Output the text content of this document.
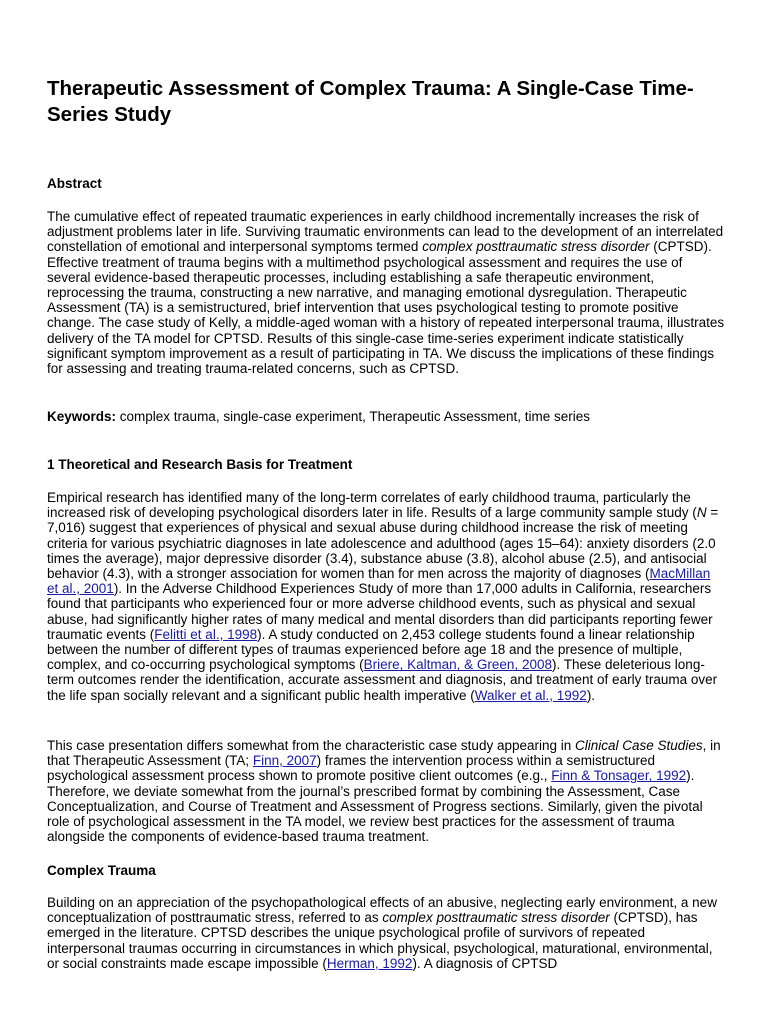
Therapeutic Assessment of Complex Trauma: A Single-Case Time-Series Study
Abstract

The cumulative effect of repeated traumatic experiences in early childhood incrementally increases the risk of adjustment problems later in life. Surviving traumatic environments can lead to the development of an interrelated constellation of emotional and interpersonal symptoms termed complex posttraumatic stress disorder (CPTSD). Effective treatment of trauma begins with a multimethod psychological assessment and requires the use of several evidence-based therapeutic processes, including establishing a safe therapeutic environment, reprocessing the trauma, constructing a new narrative, and managing emotional dysregulation. Therapeutic Assessment (TA) is a semistructured, brief intervention that uses psychological testing to promote positive change. The case study of Kelly, a middle-aged woman with a history of repeated interpersonal trauma, illustrates delivery of the TA model for CPTSD. Results of this single-case time-series experiment indicate statistically significant symptom improvement as a result of participating in TA. We discuss the implications of these findings for assessing and treating trauma-related concerns, such as CPTSD.

Keywords: complex trauma, single-case experiment, Therapeutic Assessment, time series

1 Theoretical and Research Basis for Treatment

Empirical research has identified many of the long-term correlates of early childhood trauma, particularly the increased risk of developing psychological disorders later in life. Results of a large community sample study (N = 7,016) suggest that experiences of physical and sexual abuse during childhood increase the risk of meeting criteria for various psychiatric diagnoses in late adolescence and adulthood (ages 15–64): anxiety disorders (2.0 times the average), major depressive disorder (3.4), substance abuse (3.8), alcohol abuse (2.5), and antisocial behavior (4.3), with a stronger association for women than for men across the majority of diagnoses (MacMillan et al., 2001). In the Adverse Childhood Experiences Study of more than 17,000 adults in California, researchers found that participants who experienced four or more adverse childhood events, such as physical and sexual abuse, had significantly higher rates of many medical and mental disorders than did participants reporting fewer traumatic events (Felitti et al., 1998). A study conducted on 2,453 college students found a linear relationship between the number of different types of traumas experienced before age 18 and the presence of multiple, complex, and co-occurring psychological symptoms (Briere, Kaltman, & Green, 2008). These deleterious long-term outcomes render the identification, accurate assessment and diagnosis, and treatment of early trauma over the life span socially relevant and a significant public health imperative (Walker et al., 1992).

This case presentation differs somewhat from the characteristic case study appearing in Clinical Case Studies, in that Therapeutic Assessment (TA; Finn, 2007) frames the intervention process within a semistructured psychological assessment process shown to promote positive client outcomes (e.g., Finn & Tonsager, 1992). Therefore, we deviate somewhat from the journal’s prescribed format by combining the Assessment, Case Conceptualization, and Course of Treatment and Assessment of Progress sections. Similarly, given the pivotal role of psychological assessment in the TA model, we review best practices for the assessment of trauma alongside the components of evidence-based trauma treatment.

Complex Trauma

Building on an appreciation of the psychopathological effects of an abusive, neglecting early environment, a new conceptualization of posttraumatic stress, referred to as complex posttraumatic stress disorder (CPTSD), has emerged in the literature. CPTSD describes the unique psychological profile of survivors of repeated interpersonal traumas occurring in circumstances in which physical, psychological, maturational, environmental, or social constraints made escape impossible (Herman, 1992). A diagnosis of CPTSD
